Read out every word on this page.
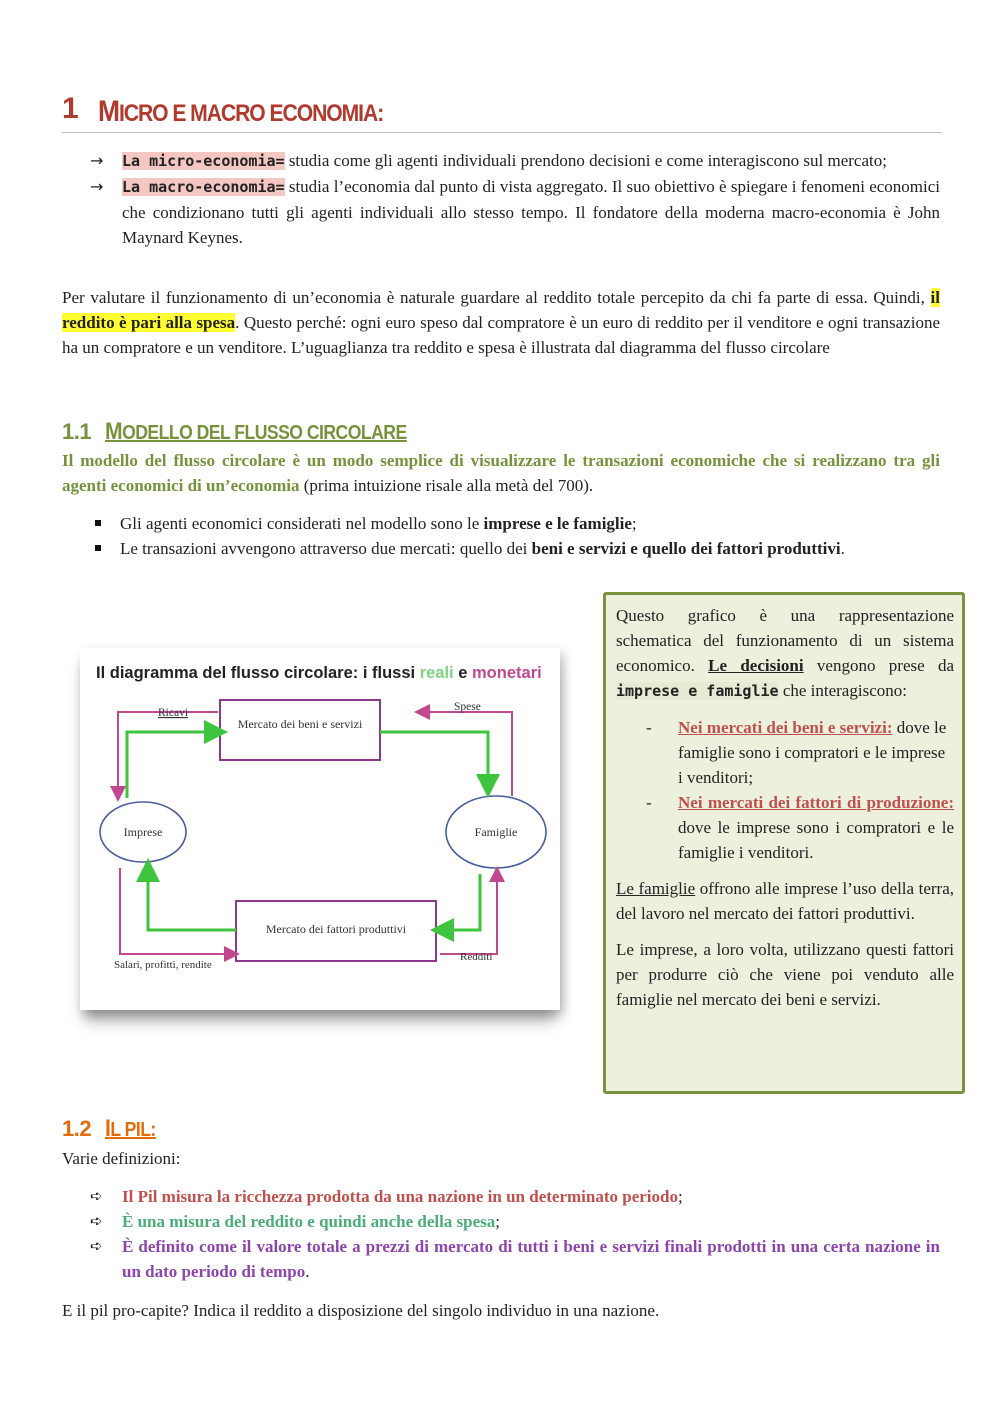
1 MICRO E MACRO ECONOMIA:
→ La micro-economia= studia come gli agenti individuali prendono decisioni e come interagiscono sul mercato;
→ La macro-economia= studia l’economia dal punto di vista aggregato. Il suo obiettivo è spiegare i fenomeni economici che condizionano tutti gli agenti individuali allo stesso tempo. Il fondatore della moderna macro-economia è John Maynard Keynes.
Per valutare il funzionamento di un’economia è naturale guardare al reddito totale percepito da chi fa parte di essa. Quindi, il reddito è pari alla spesa. Questo perché: ogni euro speso dal compratore è un euro di reddito per il venditore e ogni transazione ha un compratore e un venditore. L’uguaglianza tra reddito e spesa è illustrata dal diagramma del flusso circolare
1.1 MODELLO DEL FLUSSO CIRCOLARE
Il modello del flusso circolare è un modo semplice di visualizzare le transazioni economiche che si realizzano tra gli agenti economici di un’economia (prima intuizione risale alla metà del 700).
Gli agenti economici considerati nel modello sono le imprese e le famiglie;
Le transazioni avvengono attraverso due mercati: quello dei beni e servizi e quello dei fattori produttivi.
Il diagramma del flusso circolare: i flussi reali e monetari
Mercato dei beni e servizi
Mercato dei fattori produttivi
Imprese	Famiglie
Ricavi	Spese
Salari, profitti, rendite
Redditi

Questo grafico è una rappresentazione schematica del funzionamento di un sistema economico. Le decisioni vengono prese da imprese e famiglie che interagiscono:

- Nei mercati dei beni e servizi: dove le famiglie sono i compratori e le imprese i venditori;
- Nei mercati dei fattori di produzione: dove le imprese sono i compratori e le famiglie i venditori.

Le famiglie offrono alle imprese l’uso della terra, del lavoro nel mercato dei fattori produttivi.

Le imprese, a loro volta, utilizzano questi fattori per produrre ciò che viene poi venduto alle famiglie nel mercato dei beni e servizi.

1.2 IL PIL:
Varie definizioni:
➪ Il Pil misura la ricchezza prodotta da una nazione in un determinato periodo;
➪ È una misura del reddito e quindi anche della spesa;
➪ È definito come il valore totale a prezzi di mercato di tutti i beni e servizi finali prodotti in una certa nazione in un dato periodo di tempo.
E il pil pro-capite? Indica il reddito a disposizione del singolo individuo in una nazione.
